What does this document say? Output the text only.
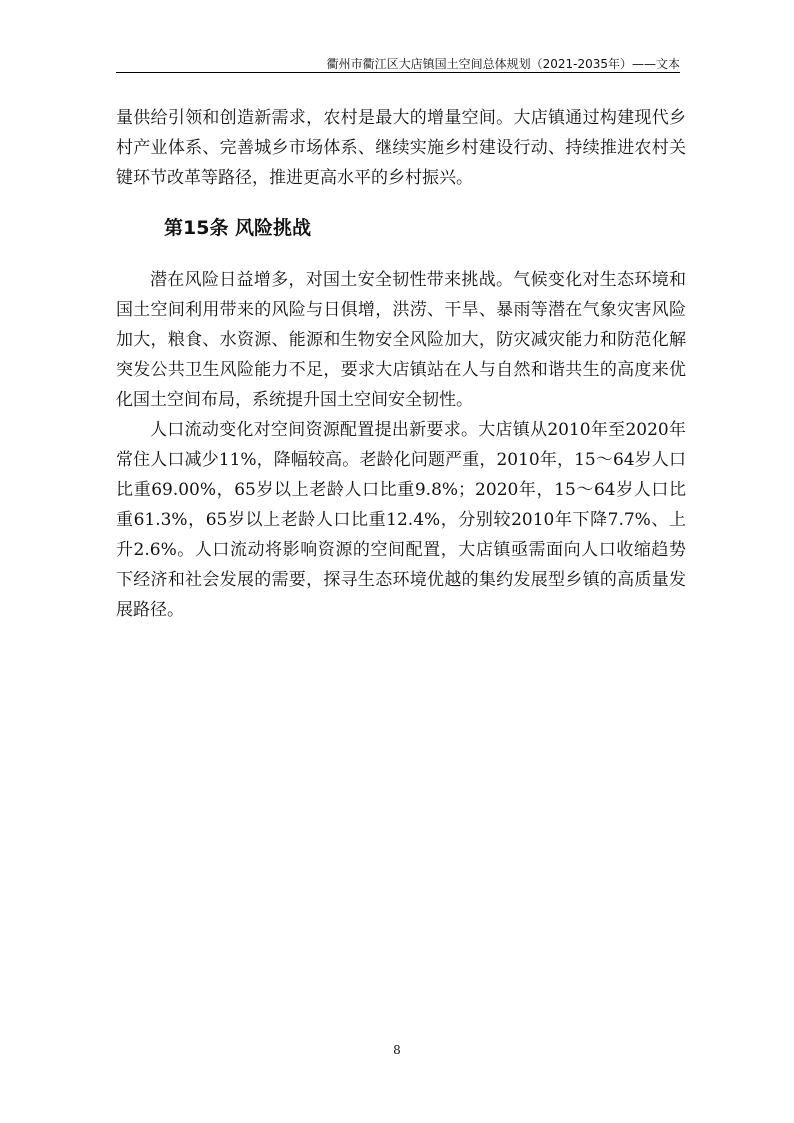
衢州市衢江区大店镇国土空间总体规划（2021-2035年）——文本

量供给引领和创造新需求，农村是最大的增量空间。大店镇通过构建现代乡村产业体系、完善城乡市场体系、继续实施乡村建设行动、持续推进农村关键环节改革等路径，推进更高水平的乡村振兴。

第15条 风险挑战

潜在风险日益增多，对国土安全韧性带来挑战。气候变化对生态环境和国土空间利用带来的风险与日俱增，洪涝、干旱、暴雨等潜在气象灾害风险加大，粮食、水资源、能源和生物安全风险加大，防灾减灾能力和防范化解突发公共卫生风险能力不足，要求大店镇站在人与自然和谐共生的高度来优化国土空间布局，系统提升国土空间安全韧性。

人口流动变化对空间资源配置提出新要求。大店镇从2010年至2020年常住人口减少11%，降幅较高。老龄化问题严重，2010年，15～64岁人口比重69.00%，65岁以上老龄人口比重9.8%；2020年，15～64岁人口比重61.3%，65岁以上老龄人口比重12.4%，分别较2010年下降7.7%、上升2.6%。人口流动将影响资源的空间配置，大店镇亟需面向人口收缩趋势下经济和社会发展的需要，探寻生态环境优越的集约发展型乡镇的高质量发展路径。

8
